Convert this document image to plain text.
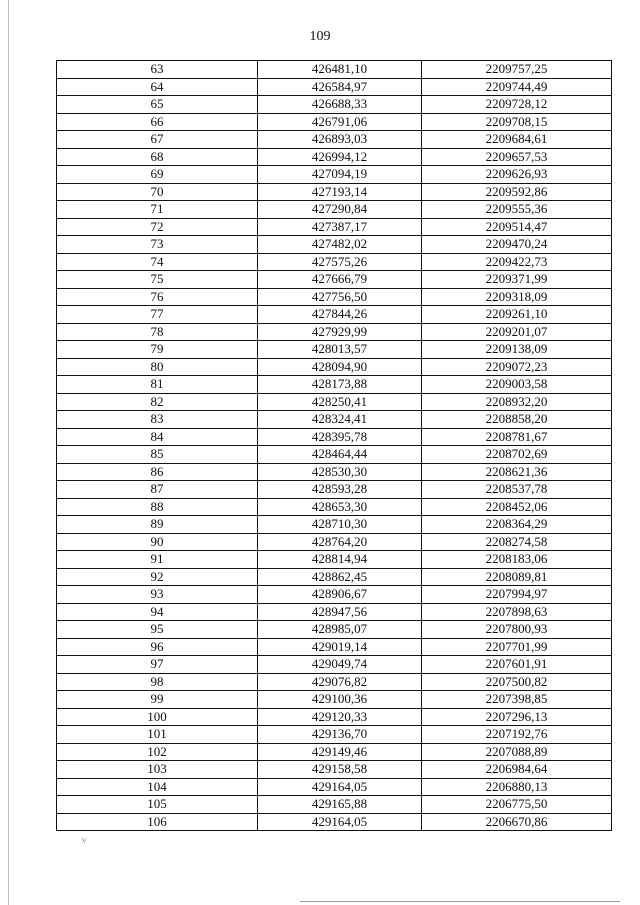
109
63	426481,10	2209757,25
64	426584,97	2209744,49
65	426688,33	2209728,12
66	426791,06	2209708,15
67	426893,03	2209684,61
68	426994,12	2209657,53
69	427094,19	2209626,93
70	427193,14	2209592,86
71	427290,84	2209555,36
72	427387,17	2209514,47
73	427482,02	2209470,24
74	427575,26	2209422,73
75	427666,79	2209371,99
76	427756,50	2209318,09
77	427844,26	2209261,10
78	427929,99	2209201,07
79	428013,57	2209138,09
80	428094,90	2209072,23
81	428173,88	2209003,58
82	428250,41	2208932,20
83	428324,41	2208858,20
84	428395,78	2208781,67
85	428464,44	2208702,69
86	428530,30	2208621,36
87	428593,28	2208537,78
88	428653,30	2208452,06
89	428710,30	2208364,29
90	428764,20	2208274,58
91	428814,94	2208183,06
92	428862,45	2208089,81
93	428906,67	2207994,97
94	428947,56	2207898,63
95	428985,07	2207800,93
96	429019,14	2207701,99
97	429049,74	2207601,91
98	429076,82	2207500,82
99	429100,36	2207398,85
100	429120,33	2207296,13
101	429136,70	2207192,76
102	429149,46	2207088,89
103	429158,58	2206984,64
104	429164,05	2206880,13
105	429165,88	2206775,50
106	429164,05	2206670,86
ⱽ
